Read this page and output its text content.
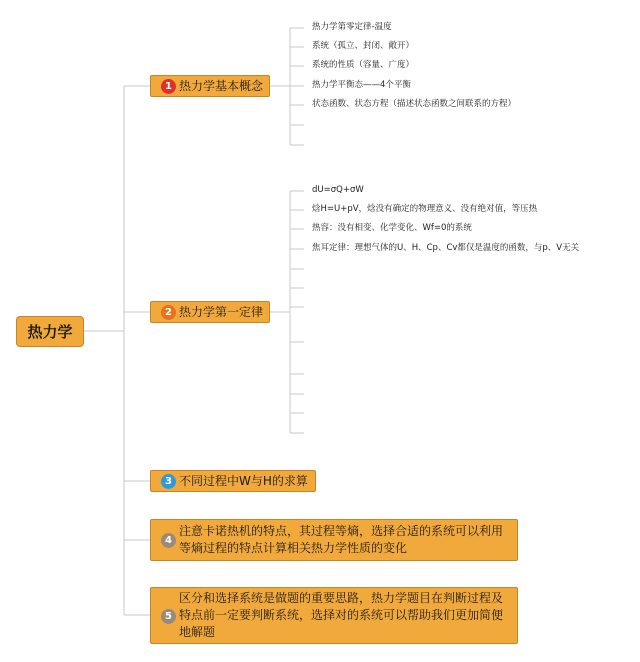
热力学
1 热力学基本概念
热力学第零定律-温度
系统（孤立、封闭、敞开）
系统的性质（容量、广度）
热力学平衡态——4个平衡
状态函数、状态方程（描述状态函数之间联系的方程）
2 热力学第一定律
dU=σQ+σW
焓H=U+pV，焓没有确定的物理意义、没有绝对值，等压热
热容：没有相变、化学变化、Wf=0的系统
焦耳定律：理想气体的U、H、Cp、Cv都仅是温度的函数，与p、V无关
3 不同过程中W与H的求算
4
注意卡诺热机的特点，其过程等熵，选择合适的系统可以利用
等熵过程的特点计算相关热力学性质的变化
5
区分和选择系统是做题的重要思路，热力学题目在判断过程及
特点前一定要判断系统，选择对的系统可以帮助我们更加简便
地解题
